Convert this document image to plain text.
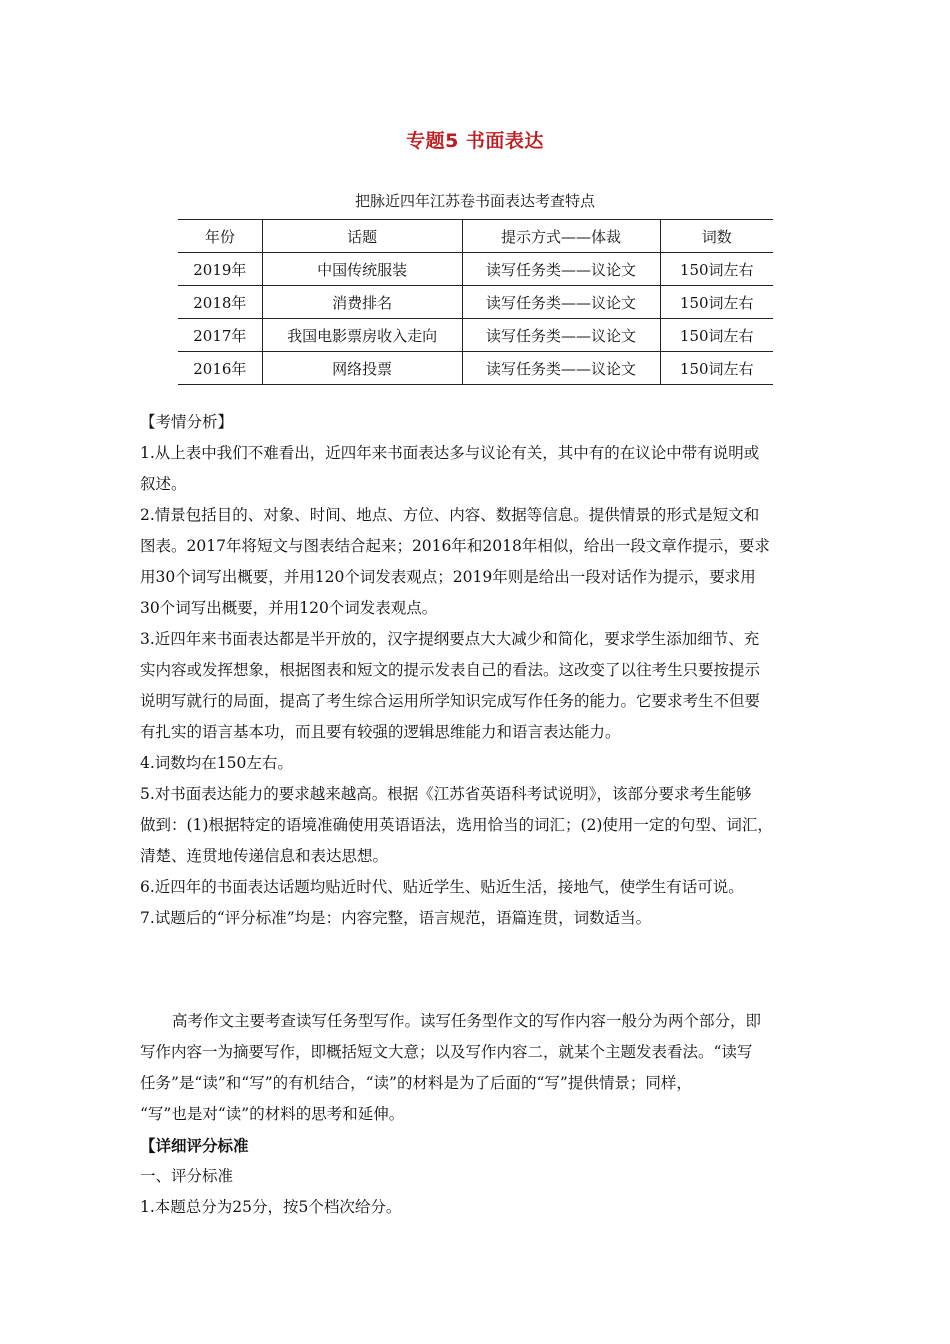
专题5 书面表达
把脉近四年江苏卷书面表达考查特点
年份	话题	提示方式——体裁	词数
2019年	中国传统服装	读写任务类——议论文	150词左右
2018年	消费排名	读写任务类——议论文	150词左右
2017年	我国电影票房收入走向	读写任务类——议论文	150词左右
2016年	网络投票	读写任务类——议论文	150词左右

【考情分析】

1.从上表中我们不难看出，近四年来书面表达多与议论有关，其中有的在议论中带有说明或

叙述。

2.情景包括目的、对象、时间、地点、方位、内容、数据等信息。提供情景的形式是短文和

图表。2017年将短文与图表结合起来；2016年和2018年相似，给出一段文章作提示，要求

用30个词写出概要，并用120个词发表观点；2019年则是给出一段对话作为提示，要求用

30个词写出概要，并用120个词发表观点。

3.近四年来书面表达都是半开放的，汉字提纲要点大大减少和简化，要求学生添加细节、充

实内容或发挥想象，根据图表和短文的提示发表自己的看法。这改变了以往考生只要按提示

说明写就行的局面，提高了考生综合运用所学知识完成写作任务的能力。它要求考生不但要

有扎实的语言基本功，而且要有较强的逻辑思维能力和语言表达能力。

4.词数均在150左右。

5.对书面表达能力的要求越来越高。根据《江苏省英语科考试说明》，该部分要求考生能够

做到：(1)根据特定的语境准确使用英语语法，选用恰当的词汇；(2)使用一定的句型、词汇，

清楚、连贯地传递信息和表达思想。

6.近四年的书面表达话题均贴近时代、贴近学生、贴近生活，接地气，使学生有话可说。

7.试题后的“评分标准”均是：内容完整，语言规范，语篇连贯，词数适当。

高考作文主要考查读写任务型写作。读写任务型作文的写作内容一般分为两个部分，即

写作内容一为摘要写作，即概括短文大意；以及写作内容二，就某个主题发表看法。“读写

任务”是“读”和“写”的有机结合，“读”的材料是为了后面的“写”提供情景；同样，

“写”也是对“读”的材料的思考和延伸。

【详细评分标准

一、评分标准

1.本题总分为25分，按5个档次给分。
